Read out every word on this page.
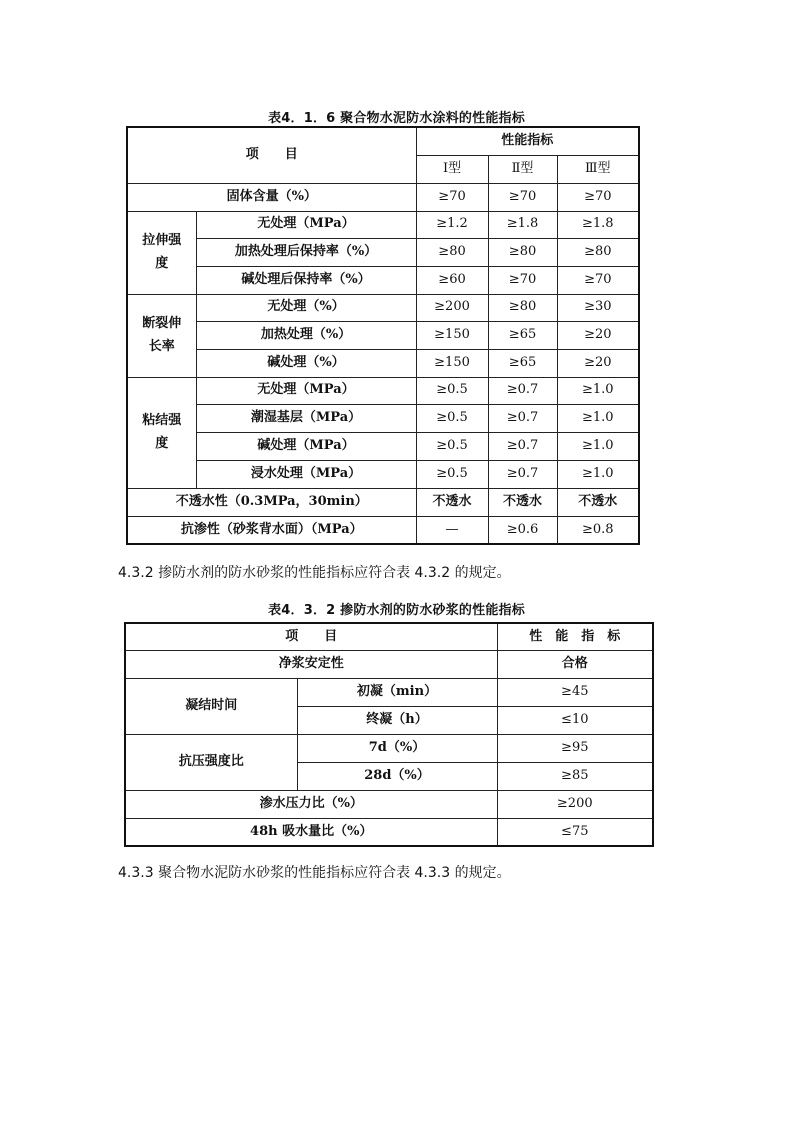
表4．1．6 聚合物水泥防水涂料的性能指标
项　　目		性能指标		
		Ⅰ型	Ⅱ型	Ⅲ型
固体含量（%）		≥70	≥70	≥70
拉伸强度	无处理（MPa）	≥1.2	≥1.8	≥1.8
	加热处理后保持率（%）	≥80	≥80	≥80
	碱处理后保持率（%）	≥60	≥70	≥70
断裂伸长率	无处理（%）	≥200	≥80	≥30
	加热处理（%）	≥150	≥65	≥20
	碱处理（%）	≥150	≥65	≥20
粘结强度	无处理（MPa）	≥0.5	≥0.7	≥1.0
	潮湿基层（MPa）	≥0.5	≥0.7	≥1.0
	碱处理（MPa）	≥0.5	≥0.7	≥1.0
	浸水处理（MPa）	≥0.5	≥0.7	≥1.0
不透水性（0.3MPa，30min）		不透水	不透水	不透水
抗渗性（砂浆背水面）（MPa）		—	≥0.6	≥0.8
4.3.2 掺防水剂的防水砂浆的性能指标应符合表 4.3.2 的规定。
表4．3．2 掺防水剂的防水砂浆的性能指标
项　　目		性　能　指　标
净浆安定性		合格
凝结时间	初凝（min）	≥45
	终凝（h）	≤10
抗压强度比	7d（%）	≥95
	28d（%）	≥85
渗水压力比（%）		≥200
48h 吸水量比（%）		≤75
4.3.3 聚合物水泥防水砂浆的性能指标应符合表 4.3.3 的规定。
